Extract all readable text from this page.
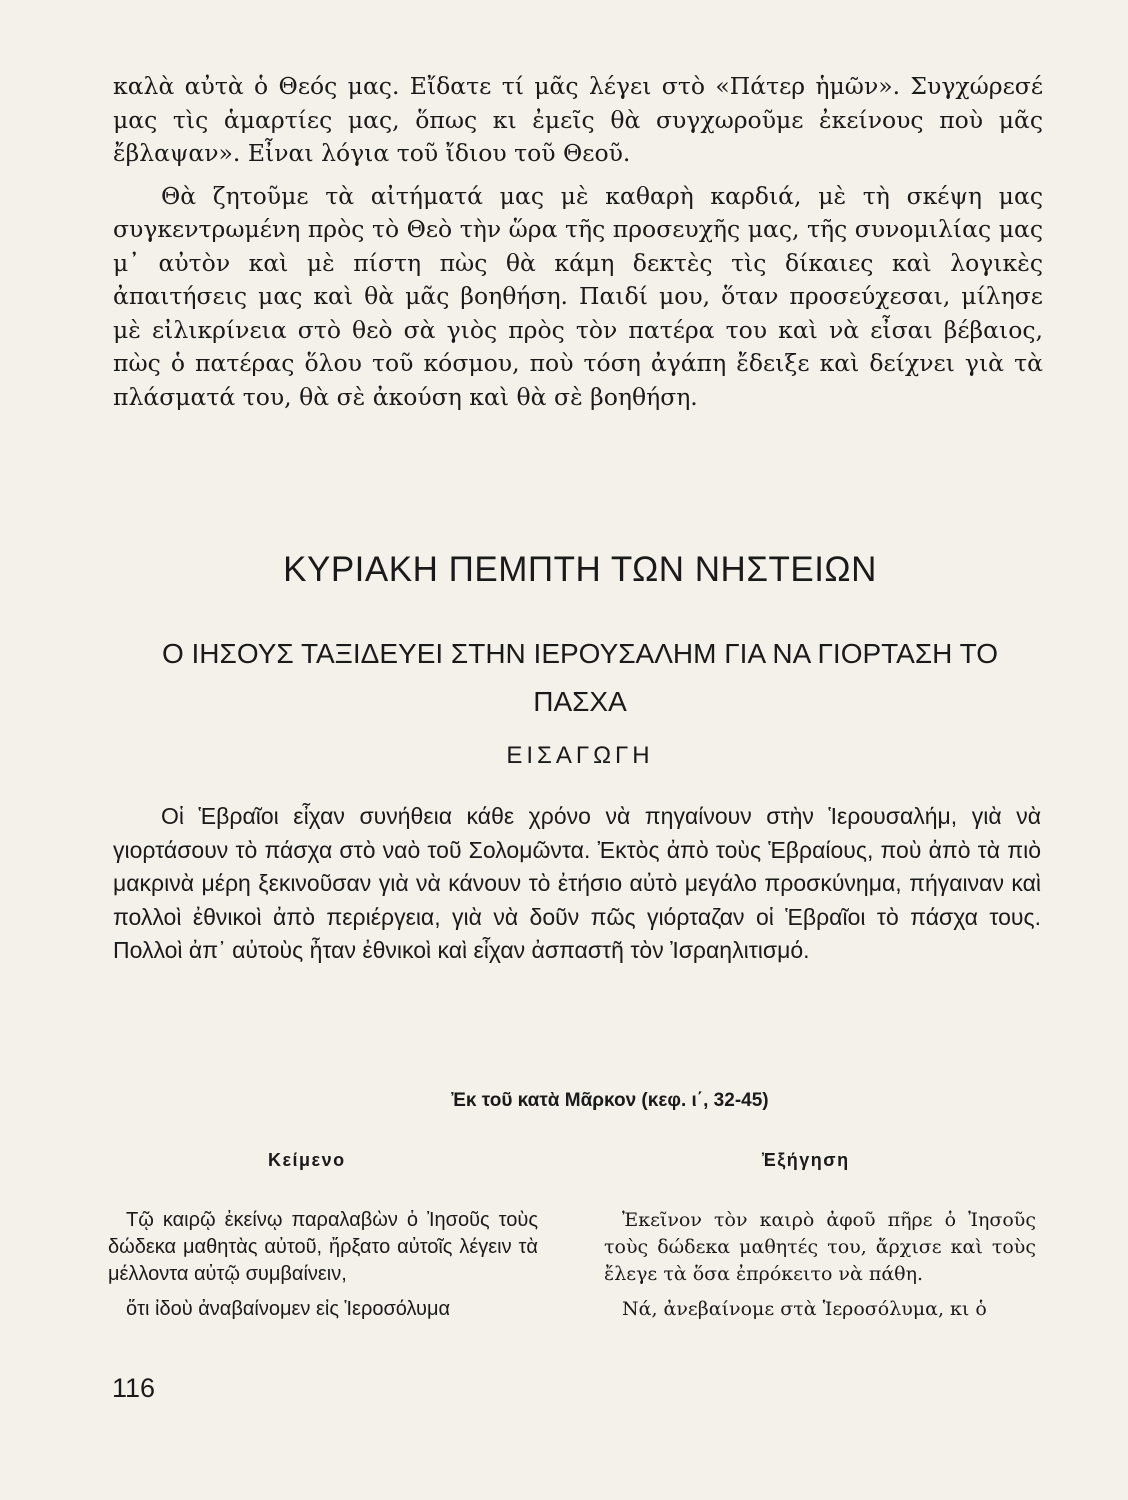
καλὰ αὐτὰ ὁ Θεός μας. Εἴδατε τί μᾶς λέγει στὸ «Πάτερ ἡμῶν». Συγχώρεσέ μας τὶς ἁμαρτίες μας, ὅπως κι ἐμεῖς θὰ συγχωροῦμε ἐκείνους ποὺ μᾶς ἔβλαψαν». Εἶναι λόγια τοῦ ἴδιου τοῦ Θεοῦ.

Θὰ ζητοῦμε τὰ αἰτήματά μας μὲ καθαρὴ καρδιά, μὲ τὴ σκέψη μας συγκεντρωμένη πρὸς τὸ Θεὸ τὴν ὥρα τῆς προσευχῆς μας, τῆς συνομιλίας μας μ᾽ αὐτὸν καὶ μὲ πίστη πὼς θὰ κάμη δεκτὲς τὶς δίκαιες καὶ λογικὲς ἀπαιτήσεις μας καὶ θὰ μᾶς βοηθήση. Παιδί μου, ὅταν προσεύχεσαι, μίλησε μὲ εἰλικρίνεια στὸ θεὸ σὰ γιὸς πρὸς τὸν πατέρα του καὶ νὰ εἶσαι βέβαιος, πὼς ὁ πατέρας ὅλου τοῦ κόσμου, ποὺ τόση ἀγάπη ἔδειξε καὶ δείχνει γιὰ τὰ πλάσματά του, θὰ σὲ ἀκούση καὶ θὰ σὲ βοηθήση.

ΚΥΡΙΑΚΗ ΠΕΜΠΤΗ ΤΩΝ ΝΗΣΤΕΙΩΝ
Ο ΙΗΣΟΥΣ ΤΑΞΙΔΕΥΕΙ ΣΤΗΝ ΙΕΡΟΥΣΑΛΗΜ ΓΙΑ ΝΑ ΓΙΟΡΤΑΣΗ ΤΟ ΠΑΣΧΑ
ΕΙΣΑΓΩΓΗ

Οἱ Ἑβραῖοι εἶχαν συνήθεια κάθε χρόνο νὰ πηγαίνουν στὴν Ἱερουσαλήμ, γιὰ νὰ γιορτάσουν τὸ πάσχα στὸ ναὸ τοῦ Σολομῶντα. Ἐκτὸς ἀπὸ τοὺς Ἑβραίους, ποὺ ἀπὸ τὰ πιὸ μακρινὰ μέρη ξεκινοῦσαν γιὰ νὰ κάνουν τὸ ἐτήσιο αὐτὸ μεγάλο προσκύνημα, πήγαιναν καὶ πολλοὶ ἐθνικοὶ ἀπὸ περιέργεια, γιὰ νὰ δοῦν πῶς γιόρταζαν οἱ Ἑβραῖοι τὸ πάσχα τους. Πολλοὶ ἀπ᾽ αὐτοὺς ἦταν ἐθνικοὶ καὶ εἶχαν ἀσπαστῆ τὸν Ἰσραηλιτισμό.

Ἐκ τοῦ κατὰ Μᾶρκον (κεφ. ι΄, 32-45)
Κείμενο	Ἐξήγηση

Τῷ καιρῷ ἐκείνῳ παραλαβὼν ὁ Ἰησοῦς τοὺς δώδεκα μαθητὰς αὐτοῦ, ἤρξατο αὐτοῖς λέγειν τὰ μέλλοντα αὐτῷ συμβαίνειν,

ὅτι ἰδοὺ ἀναβαίνομεν εἰς Ἱεροσόλυμα

Ἐκεῖνον τὸν καιρὸ ἀφοῦ πῆρε ὁ Ἰησοῦς τοὺς δώδεκα μαθητές του, ἄρχισε καὶ τοὺς ἔλεγε τὰ ὅσα ἐπρόκειτο νὰ πάθη.

Νά, ἀνεβαίνομε στὰ Ἱεροσόλυμα, κι ὁ

116
